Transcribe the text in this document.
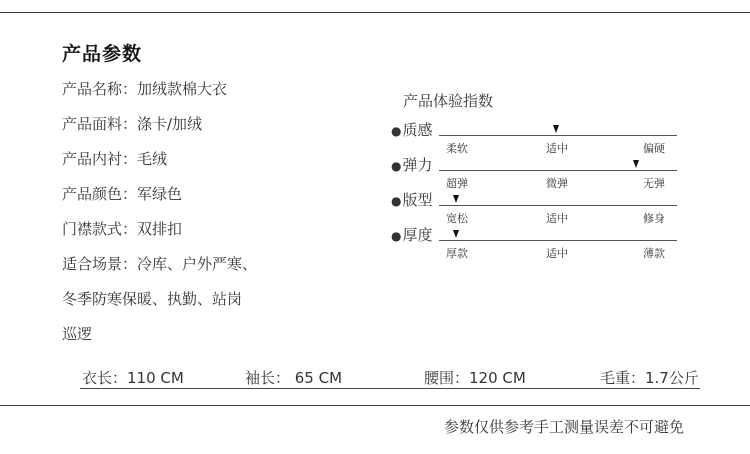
产品参数
产品名称：加绒款棉大衣
产品面料：涤卡/加绒
产品内衬：毛绒
产品颜色：军绿色
门襟款式：双排扣
适合场景：冷库、户外严寒、
冬季防寒保暖、执勤、站岗
巡逻
产品体验指数
●质感
柔软	适中	偏硬
●弹力
超弹	微弹	无弹
●版型
宽松	适中	修身
●厚度
厚款	适中	薄款
衣长：110 CM	袖长： 65 CM	腰围：120 CM	毛重：1.7公斤
参数仅供参考手工测量误差不可避免
